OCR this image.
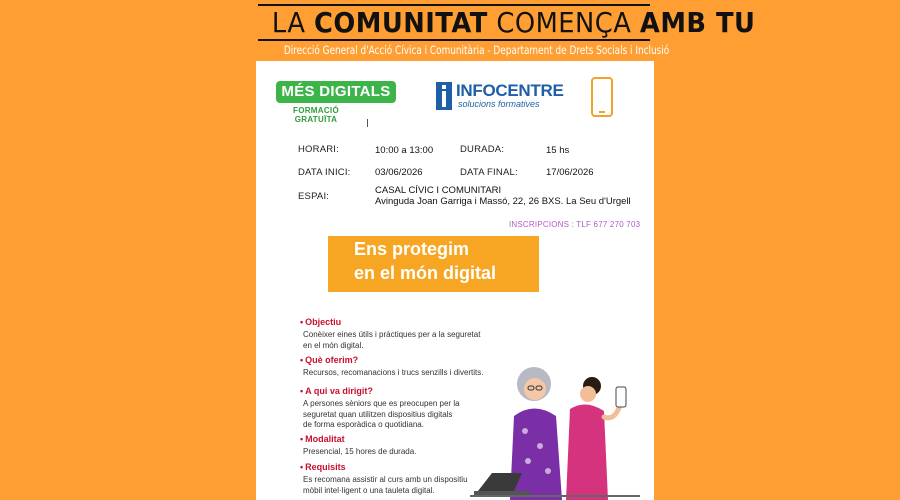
LA COMUNITAT COMENÇA AMB TU
Direcció General d'Acció Cívica i Comunitària - Departament de Drets Socials i Inclusió
MÉS DIGITALS
FORMACIÓ GRATUÏTA
INFOCENTRE
solucions formatives
HORARI:	10:00 a 13:00	DURADA:	15 hs
DATA INICI:	03/06/2026	DATA FINAL:	17/06/2026
ESPAI:
CASAL CÍVIC I COMUNITARI
Avinguda Joan Garriga i Massó, 22, 26 BXS. La Seu d'Urgell
INSCRIPCIONS : TLF 677 270 703
Ens protegim
en el món digital
• Objectiu
Conèixer eines útils i pràctiques per a la seguretat
en el món digital.
• Què oferim?
Recursos, recomanacions i trucs senzills i divertits.
• A qui va dirigit?
A persones sèniors que es preocupen per la
seguretat quan utilitzen dispositius digitals
de forma esporàdica o quotidiana.
• Modalitat
Presencial, 15 hores de durada.
• Requisits
Es recomana assistir al curs amb un dispositiu
mòbil intel·ligent o una tauleta digital.
